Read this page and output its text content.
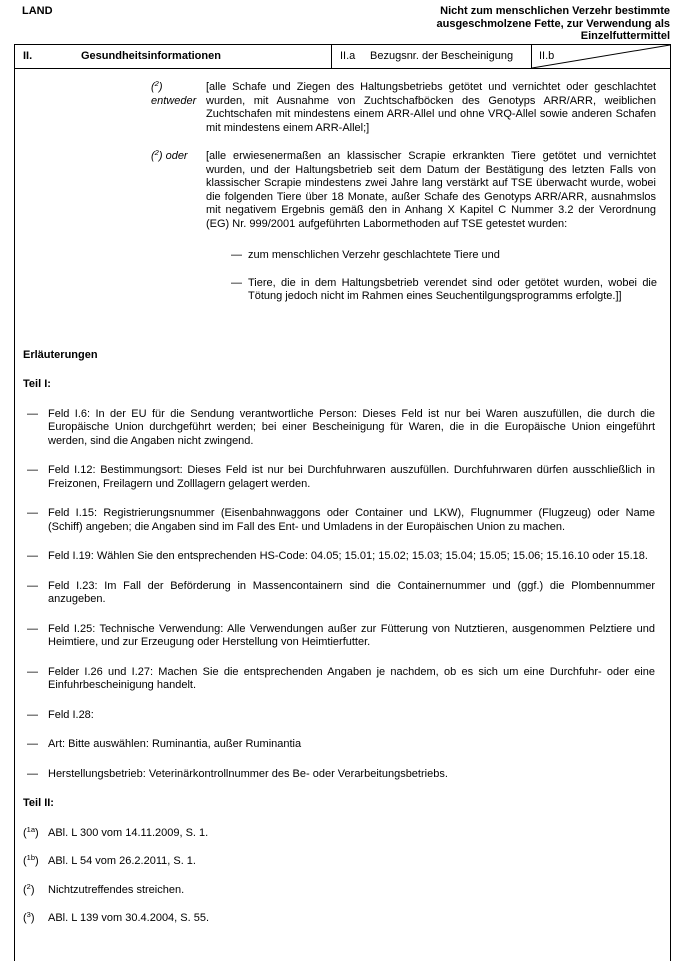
LAND	Nicht zum menschlichen Verzehr bestimmte
ausgeschmolzene Fette, zur Verwendung als
Einzelfuttermittel
II.	Gesundheitsinformationen	II.a	Bezugsnr. der Bescheinigung	II.b
($^2$) entweder
[alle Schafe und Ziegen des Haltungsbetriebs getötet und vernichtet oder geschlachtet wurden, mit Ausnahme von Zuchtschafböcken des Genotyps ARR/ARR, weiblichen Zuchtschafen mit mindestens einem ARR-Allel und ohne VRQ-Allel sowie anderen Schafen mit mindestens einem ARR-Allel;]
($^2$) oder	[alle erwiesenermaßen an klassischer Scrapie erkrankten Tiere getötet und vernichtet wurden, und der Haltungsbetrieb seit dem Datum der Bestätigung des letzten Falls von klassischer Scrapie mindestens zwei Jahre lang verstärkt auf TSE überwacht wurde, wobei die folgenden Tiere über 18 Monate, außer Schafe des Genotyps ARR/ARR, ausnahmslos mit negativem Ergebnis gemäß den in Anhang X Kapitel C Nummer 3.2 der Verordnung (EG) Nr. 999/2001 aufgeführten Labormethoden auf TSE getestet wurden:
— zum menschlichen Verzehr geschlachtete Tiere und
— Tiere, die in dem Haltungsbetrieb verendet sind oder getötet wurden, wobei die Tötung jedoch nicht im Rahmen eines Seuchentilgungsprogramms erfolgte.]]
Erläuterungen
Teil I:
— Feld I.6: In der EU für die Sendung verantwortliche Person: Dieses Feld ist nur bei Waren auszufüllen, die durch die Europäische Union durchgeführt werden; bei einer Bescheinigung für Waren, die in die Europäische Union eingeführt werden, sind die Angaben nicht zwingend.
— Feld I.12: Bestimmungsort: Dieses Feld ist nur bei Durchfuhrwaren auszufüllen. Durchfuhrwaren dürfen ausschließlich in Freizonen, Freilagern und Zolllagern gelagert werden.
— Feld I.15: Registrierungsnummer (Eisenbahnwaggons oder Container und LKW), Flugnummer (Flugzeug) oder Name (Schiff) angeben; die Angaben sind im Fall des Ent- und Umladens in der Europäischen Union zu machen.
— Feld I.19: Wählen Sie den entsprechenden HS-Code: 04.05; 15.01; 15.02; 15.03; 15.04; 15.05; 15.06; 15.16.10 oder 15.18.
— Feld I.23: Im Fall der Beförderung in Massencontainern sind die Containernummer und (ggf.) die Plombennummer anzugeben.
— Feld I.25: Technische Verwendung: Alle Verwendungen außer zur Fütterung von Nutztieren, ausgenommen Pelztiere und Heimtiere, und zur Erzeugung oder Herstellung von Heimtierfutter.
— Felder I.26 und I.27: Machen Sie die entsprechenden Angaben je nachdem, ob es sich um eine Durchfuhr- oder eine Einfuhrbescheinigung handelt.
— Feld I.28:
— Art: Bitte auswählen: Ruminantia, außer Ruminantia
— Herstellungsbetrieb: Veterinärkontrollnummer des Be- oder Verarbeitungsbetriebs.
Teil II:
($^{1a}$) ABl. L 300 vom 14.11.2009, S. 1.
($^{1b}$) ABl. L 54 vom 26.2.2011, S. 1.
($^2$)	Nichtzutreffendes streichen.
($^3$)	ABl. L 139 vom 30.4.2004, S. 55.
